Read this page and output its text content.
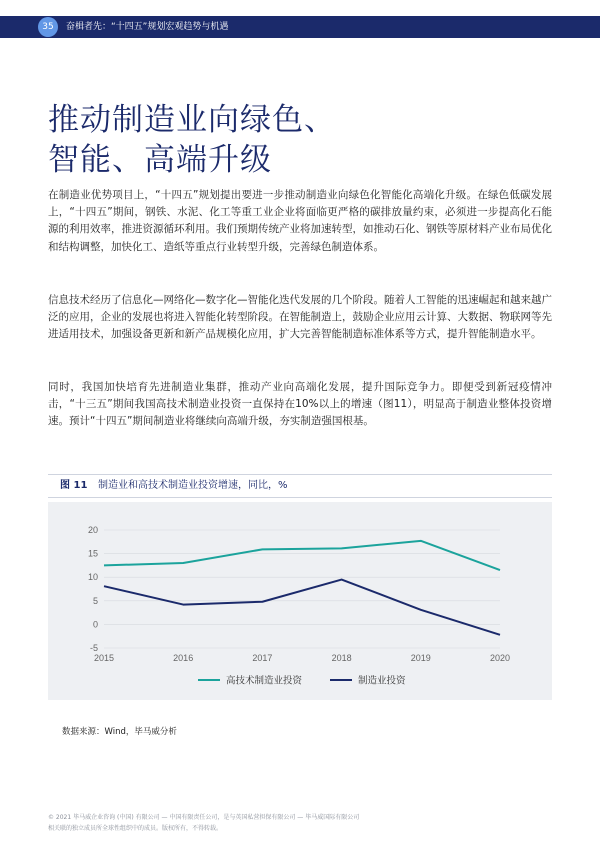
35	奋楫者先：“十四五”规划宏观趋势与机遇
推动制造业向绿色、
智能、高端升级

在制造业优势项目上，“十四五”规划提出要进一步推动制造业向绿色化智能化高端化升级。在绿色低碳发展上，“十四五”期间，钢铁、水泥、化工等重工业企业将面临更严格的碳排放量约束，必须进一步提高化石能源的利用效率，推进资源循环利用。我们预期传统产业将加速转型，如推动石化、钢铁等原材料产业布局优化和结构调整，加快化工、造纸等重点行业转型升级，完善绿色制造体系。

信息技术经历了信息化—网络化—数字化—智能化迭代发展的几个阶段。随着人工智能的迅速崛起和越来越广泛的应用，企业的发展也将进入智能化转型阶段。在智能制造上，鼓励企业应用云计算、大数据、物联网等先进适用技术，加强设备更新和新产品规模化应用，扩大完善智能制造标准体系等方式，提升智能制造水平。

同时，我国加快培育先进制造业集群，推动产业向高端化发展，提升国际竞争力。即便受到新冠疫情冲击，“十三五”期间我国高技术制造业投资一直保持在10%以上的增速（图11），明显高于制造业整体投资增速。预计“十四五”期间制造业将继续向高端升级，夯实制造强国根基。

图 11 制造业和高技术制造业投资增速，同比，%
20
15
10
5
0
-5
2015	2016	2017	2018	2019	2020
高技术制造业投资	制造业投资
数据来源：Wind，毕马威分析
© 2021 毕马威企业咨询 (中国) 有限公司 — 中国有限责任公司，是与英国私营担保有限公司 — 毕马威国际有限公司
相关联的独立成员所全球性组织中的成员。版权所有，不得转载。
